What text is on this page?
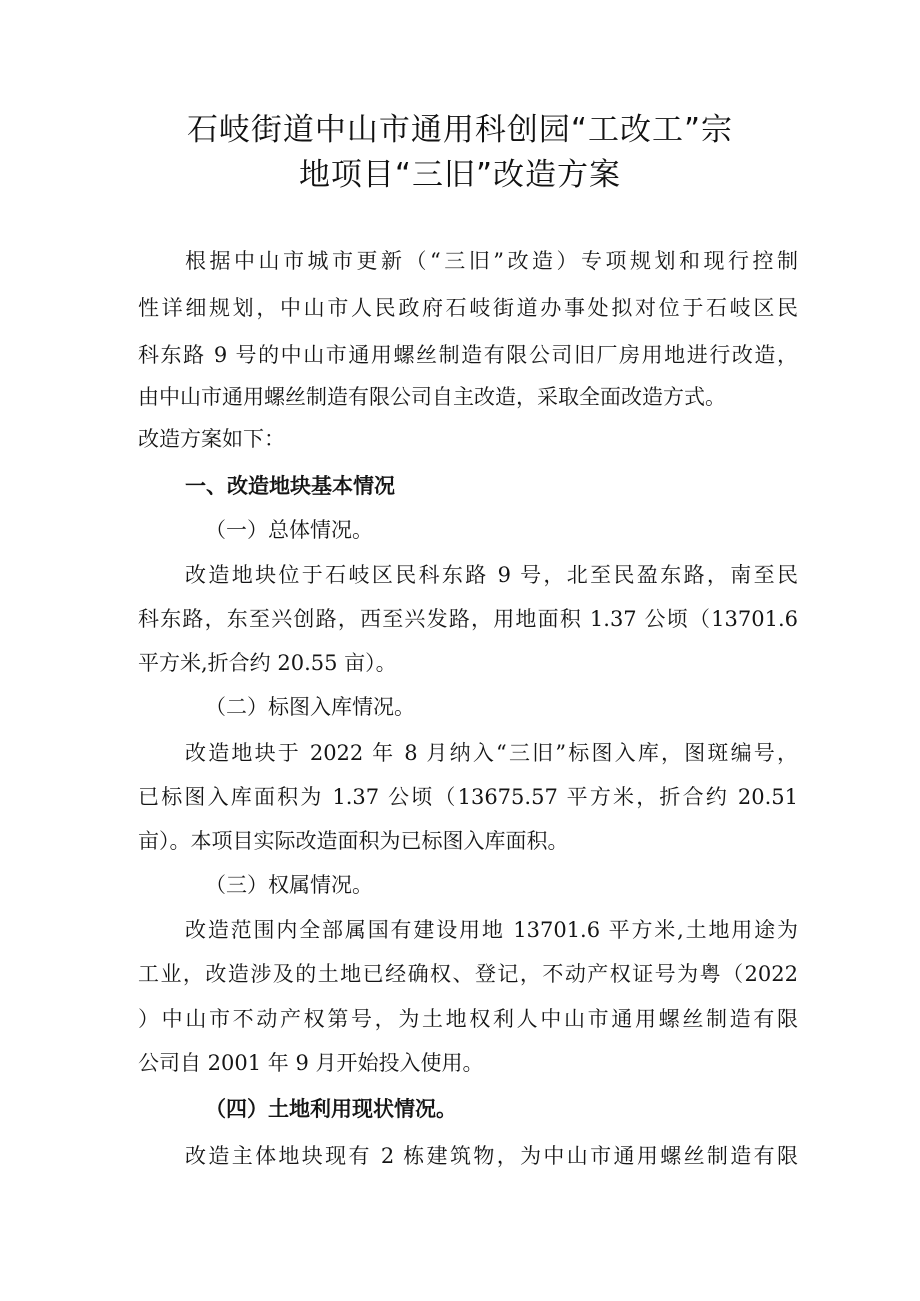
石岐街道中山市通用科创园“工改工”宗
地项目“三旧”改造方案
根据中山市城市更新（“三旧”改造）专项规划和现行控制
性详细规划，中山市人民政府石岐街道办事处拟对位于石岐区民
科东路 9 号的中山市通用螺丝制造有限公司旧厂房用地进行改造，
由中山市通用螺丝制造有限公司自主改造，采取全面改造方式。
改造方案如下：
一、改造地块基本情况
（一）总体情况。
改造地块位于石岐区民科东路 9 号，北至民盈东路，南至民
科东路，东至兴创路，西至兴发路，用地面积 1.37 公顷（13701.6
平方米,折合约 20.55 亩）。
（二）标图入库情况。
改造地块于 2022 年 8 月纳入“三旧”标图入库，图斑编号，
已标图入库面积为 1.37 公顷（13675.57 平方米，折合约 20.51
亩）。本项目实际改造面积为已标图入库面积。
（三）权属情况。
改造范围内全部属国有建设用地 13701.6 平方米,土地用途为
工业，改造涉及的土地已经确权、登记，不动产权证号为粤（2022
）中山市不动产权第号，为土地权利人中山市通用螺丝制造有限
公司自 2001 年 9 月开始投入使用。
（四）土地利用现状情况。
改造主体地块现有 2 栋建筑物，为中山市通用螺丝制造有限
